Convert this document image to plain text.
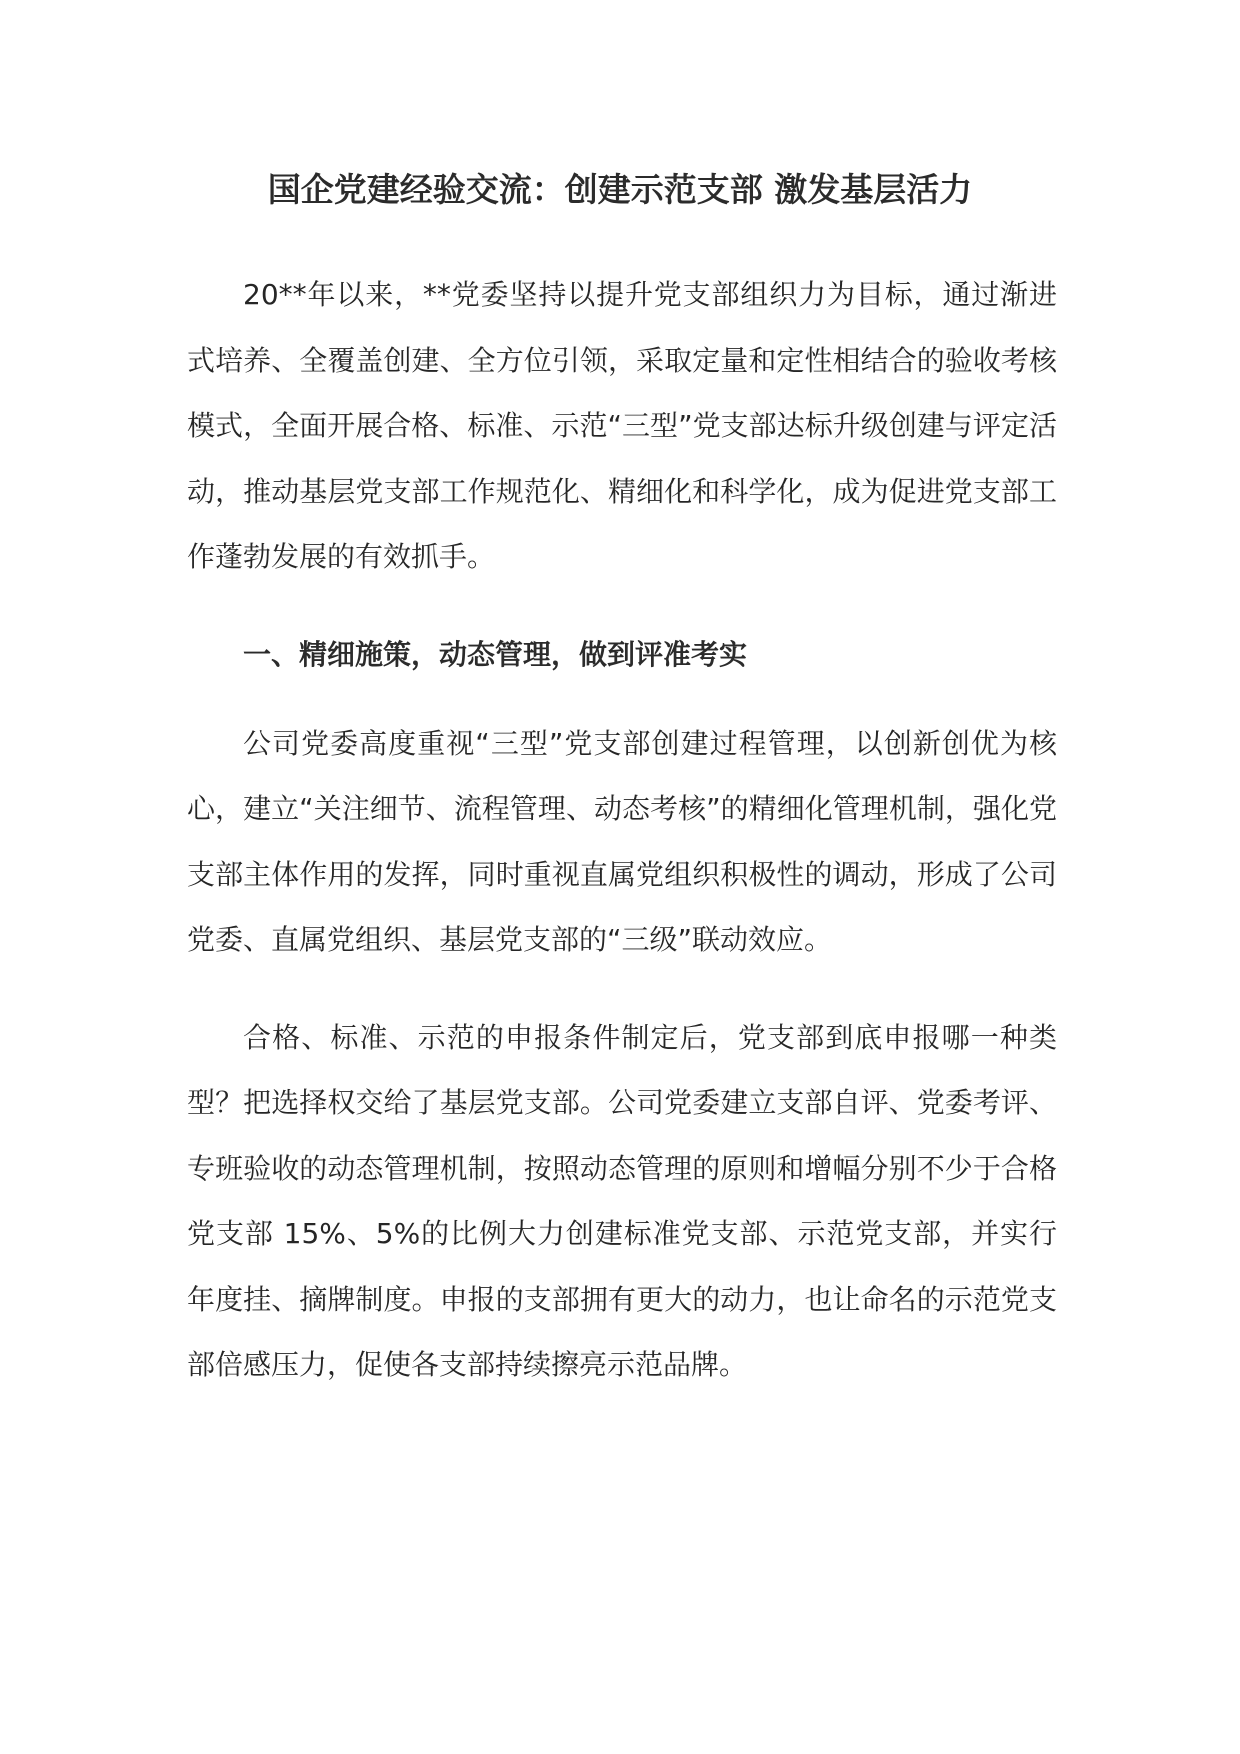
国企党建经验交流：创建示范支部 激发基层活力

20**年以来，**党委坚持以提升党支部组织力为目标，通过渐进式培养、全覆盖创建、全方位引领，采取定量和定性相结合的验收考核模式，全面开展合格、标准、示范“三型”党支部达标升级创建与评定活动，推动基层党支部工作规范化、精细化和科学化，成为促进党支部工作蓬勃发展的有效抓手。

一、精细施策，动态管理，做到评准考实

公司党委高度重视“三型”党支部创建过程管理，以创新创优为核心，建立“关注细节、流程管理、动态考核”的精细化管理机制，强化党支部主体作用的发挥，同时重视直属党组织积极性的调动，形成了公司党委、直属党组织、基层党支部的“三级”联动效应。

合格、标准、示范的申报条件制定后，党支部到底申报哪一种类型？把选择权交给了基层党支部。公司党委建立支部自评、党委考评、专班验收的动态管理机制，按照动态管理的原则和增幅分别不少于合格党支部 15%、5%的比例大力创建标准党支部、示范党支部，并实行年度挂、摘牌制度。申报的支部拥有更大的动力，也让命名的示范党支部倍感压力，促使各支部持续擦亮示范品牌。
